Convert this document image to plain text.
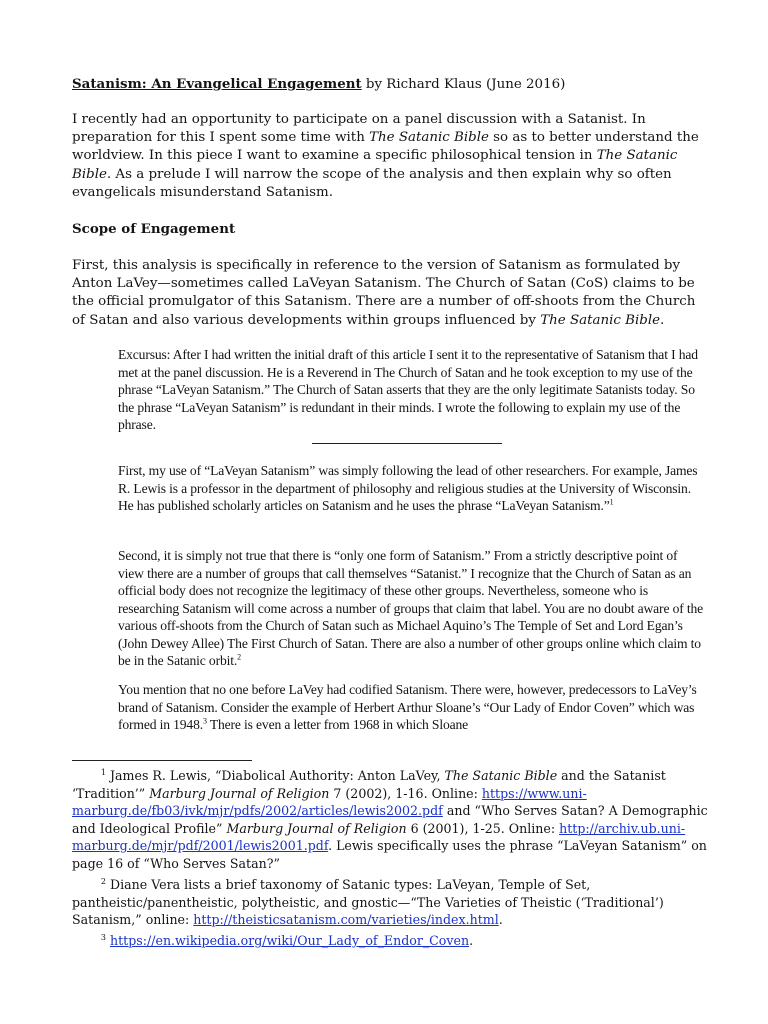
Satanism: An Evangelical Engagement by Richard Klaus (June 2016)

I recently had an opportunity to participate on a panel discussion with a Satanist. In preparation for this I spent some time with The Satanic Bible so as to better understand the worldview. In this piece I want to examine a specific philosophical tension in The Satanic Bible. As a prelude I will narrow the scope of the analysis and then explain why so often evangelicals misunderstand Satanism.

Scope of Engagement

First, this analysis is specifically in reference to the version of Satanism as formulated by Anton LaVey—sometimes called LaVeyan Satanism. The Church of Satan (CoS) claims to be the official promulgator of this Satanism. There are a number of off-shoots from the Church of Satan and also various developments within groups influenced by The Satanic Bible.

Excursus: After I had written the initial draft of this article I sent it to the representative of Satanism that I had met at the panel discussion. He is a Reverend in The Church of Satan and he took exception to my use of the phrase “LaVeyan Satanism.” The Church of Satan asserts that they are the only legitimate Satanists today. So the phrase “LaVeyan Satanism” is redundant in their minds. I wrote the following to explain my use of the phrase.

First, my use of “LaVeyan Satanism” was simply following the lead of other researchers. For example, James R. Lewis is a professor in the department of philosophy and religious studies at the University of Wisconsin. He has published scholarly articles on Satanism and he uses the phrase “LaVeyan Satanism.”$^1$

Second, it is simply not true that there is “only one form of Satanism.” From a strictly descriptive point of view there are a number of groups that call themselves “Satanist.” I recognize that the Church of Satan as an official body does not recognize the legitimacy of these other groups. Nevertheless, someone who is researching Satanism will come across a number of groups that claim that label. You are no doubt aware of the various off-shoots from the Church of Satan such as Michael Aquino’s The Temple of Set and Lord Egan’s (John Dewey Allee) The First Church of Satan. There are also a number of other groups online which claim to be in the Satanic orbit.$^2$

You mention that no one before LaVey had codified Satanism. There were, however, predecessors to LaVey’s brand of Satanism. Consider the example of Herbert Arthur Sloane’s “Our Lady of Endor Coven” which was formed in 1948.$^3$ There is even a letter from 1968 in which Sloane

$^1$ James R. Lewis, “Diabolical Authority: Anton LaVey, The Satanic Bible and the Satanist ‘Tradition’” Marburg Journal of Religion 7 (2002), 1-16. Online: https://www.uni-marburg.de/fb03/ivk/mjr/pdfs/2002/articles/lewis2002.pdf and “Who Serves Satan? A Demographic and Ideological Profile” Marburg Journal of Religion 6 (2001), 1-25. Online: http://archiv.ub.uni-marburg.de/mjr/pdf/2001/lewis2001.pdf. Lewis specifically uses the phrase “LaVeyan Satanism” on page 16 of “Who Serves Satan?”

$^2$ Diane Vera lists a brief taxonomy of Satanic types: LaVeyan, Temple of Set, pantheistic/panentheistic, polytheistic, and gnostic—“The Varieties of Theistic (‘Traditional’) Satanism,” online: http://theisticsatanism.com/varieties/index.html.

$^3$ https://en.wikipedia.org/wiki/Our_Lady_of_Endor_Coven.
